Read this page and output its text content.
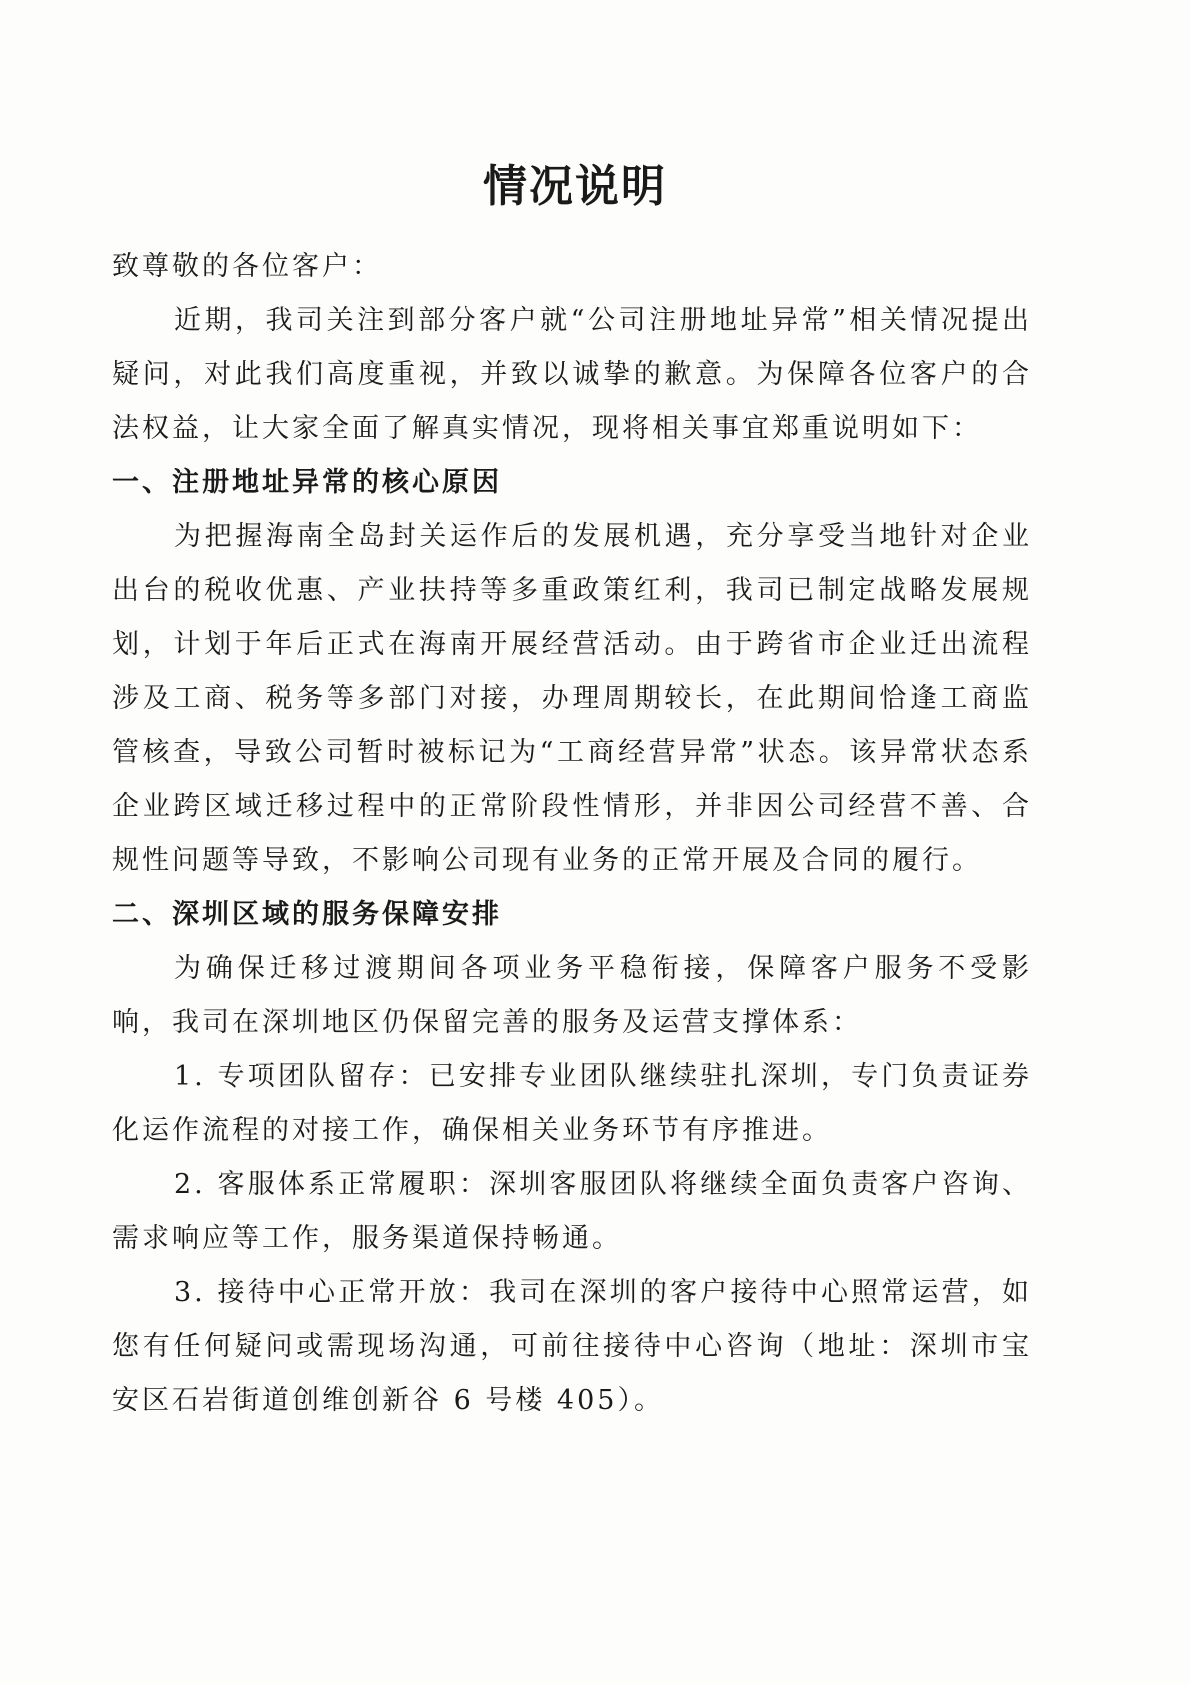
情况说明

致尊敬的各位客户：

近期，我司关注到部分客户就“公司注册地址异常”相关情况提出疑问，对此我们高度重视，并致以诚挚的歉意。为保障各位客户的合法权益，让大家全面了解真实情况，现将相关事宜郑重说明如下：

一、注册地址异常的核心原因

为把握海南全岛封关运作后的发展机遇，充分享受当地针对企业出台的税收优惠、产业扶持等多重政策红利，我司已制定战略发展规划，计划于年后正式在海南开展经营活动。由于跨省市企业迁出流程涉及工商、税务等多部门对接，办理周期较长，在此期间恰逢工商监管核查，导致公司暂时被标记为“工商经营异常”状态。该异常状态系企业跨区域迁移过程中的正常阶段性情形，并非因公司经营不善、合规性问题等导致，不影响公司现有业务的正常开展及合同的履行。

二、深圳区域的服务保障安排

为确保迁移过渡期间各项业务平稳衔接，保障客户服务不受影响，我司在深圳地区仍保留完善的服务及运营支撑体系：

1. 专项团队留存：已安排专业团队继续驻扎深圳，专门负责证券化运作流程的对接工作，确保相关业务环节有序推进。

2. 客服体系正常履职：深圳客服团队将继续全面负责客户咨询、需求响应等工作，服务渠道保持畅通。

3. 接待中心正常开放：我司在深圳的客户接待中心照常运营，如您有任何疑问或需现场沟通，可前往接待中心咨询（地址：深圳市宝安区石岩街道创维创新谷 6 号楼 405）。
